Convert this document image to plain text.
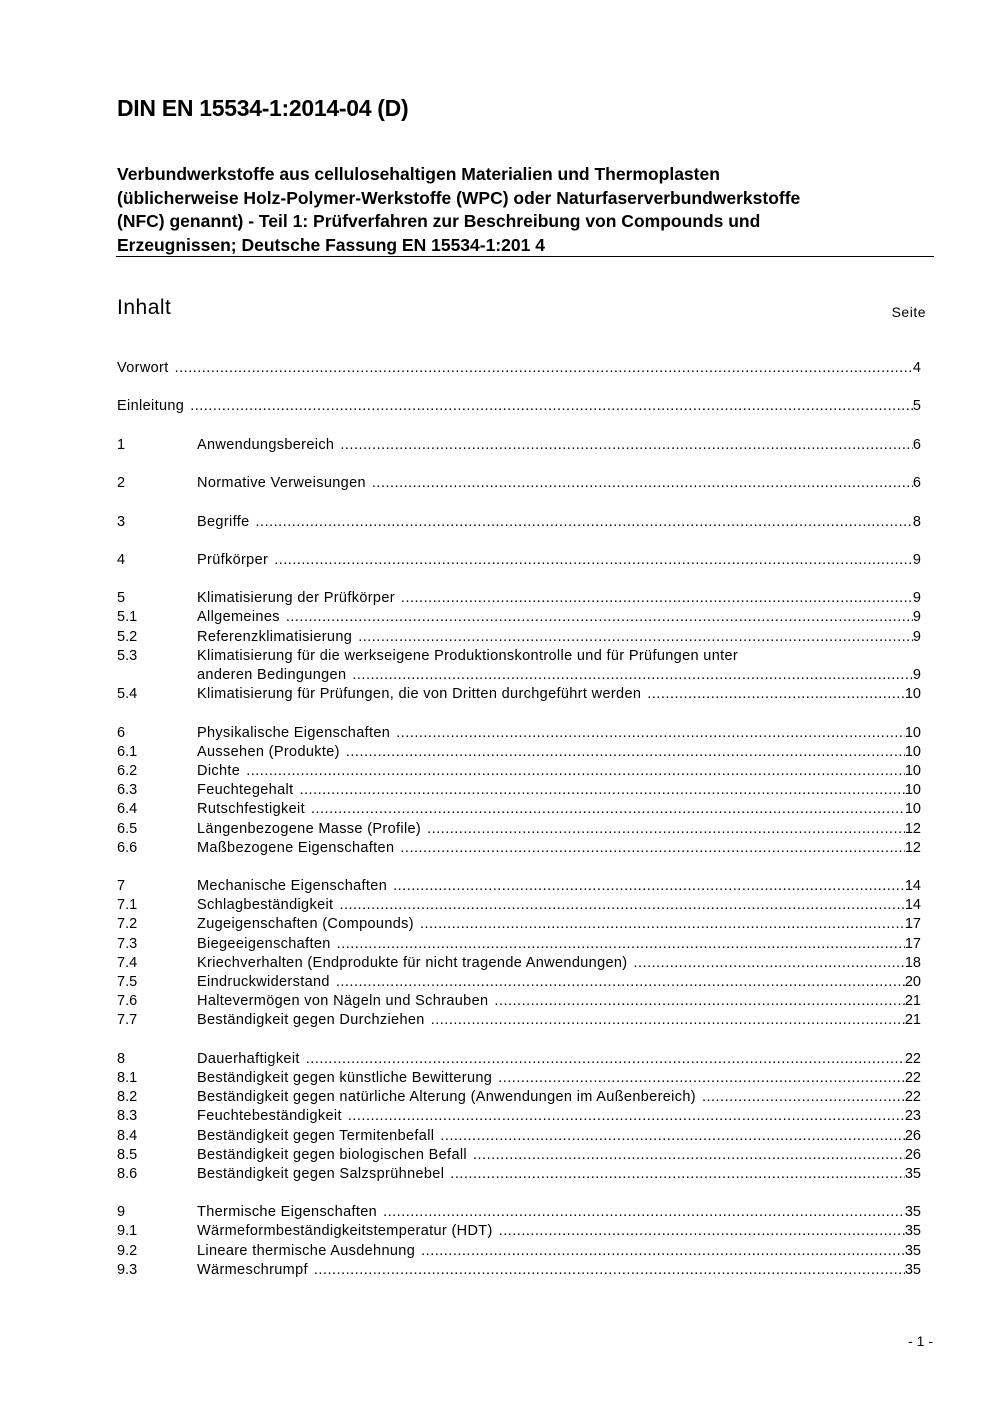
DIN EN 15534-1:2014-04 (D)
Verbundwerkstoffe aus cellulosehaltigen Materialien und Thermoplasten
(üblicherweise Holz-Polymer-Werkstoffe (WPC) oder Naturfaserverbundwerkstoffe
(NFC) genannt) - Teil 1: Prüfverfahren zur Beschreibung von Compounds und
Erzeugnissen; Deutsche Fassung EN 15534-1:201 4
Inhalt	Seite
Vorwort .....	4
Einleitung .....	5
1	Anwendungsbereich .....	6
2	Normative Verweisungen .....	6
3	Begriffe .....	8
4	Prüfkörper .....	9
5	Klimatisierung der Prüfkörper .....	9
5.1	Allgemeines .....	9
5.2	Referenzklimatisierung .....	9
5.3	Klimatisierung für die werkseigene Produktionskontrolle und für Prüfungen unter
anderen Bedingungen .....	9
5.4	Klimatisierung für Prüfungen, die von Dritten durchgeführt werden .....	10
6	Physikalische Eigenschaften .....	10
6.1	Aussehen (Produkte) .....	10
6.2	Dichte .....	10
6.3	Feuchtegehalt .....	10
6.4	Rutschfestigkeit .....	10
6.5	Längenbezogene Masse (Profile) .....	12
6.6	Maßbezogene Eigenschaften .....	12
7	Mechanische Eigenschaften .....	14
7.1	Schlagbeständigkeit .....	14
7.2	Zugeigenschaften (Compounds) .....	17
7.3	Biegeeigenschaften .....	17
7.4	Kriechverhalten (Endprodukte für nicht tragende Anwendungen) .....	18
7.5	Eindruckwiderstand .....	20
7.6	Haltevermögen von Nägeln und Schrauben .....	21
7.7	Beständigkeit gegen Durchziehen .....	21
8	Dauerhaftigkeit .....	22
8.1	Beständigkeit gegen künstliche Bewitterung .....	22
8.2	Beständigkeit gegen natürliche Alterung (Anwendungen im Außenbereich) .....	22
8.3	Feuchtebeständigkeit .....	23
8.4	Beständigkeit gegen Termitenbefall .....	26
8.5	Beständigkeit gegen biologischen Befall .....	26
8.6	Beständigkeit gegen Salzsprühnebel .....	35
9	Thermische Eigenschaften .....	35
9.1	Wärmeformbeständigkeitstemperatur (HDT) .....	35
9.2	Lineare thermische Ausdehnung .....	35
9.3	Wärmeschrumpf .....	35
- 1 -
